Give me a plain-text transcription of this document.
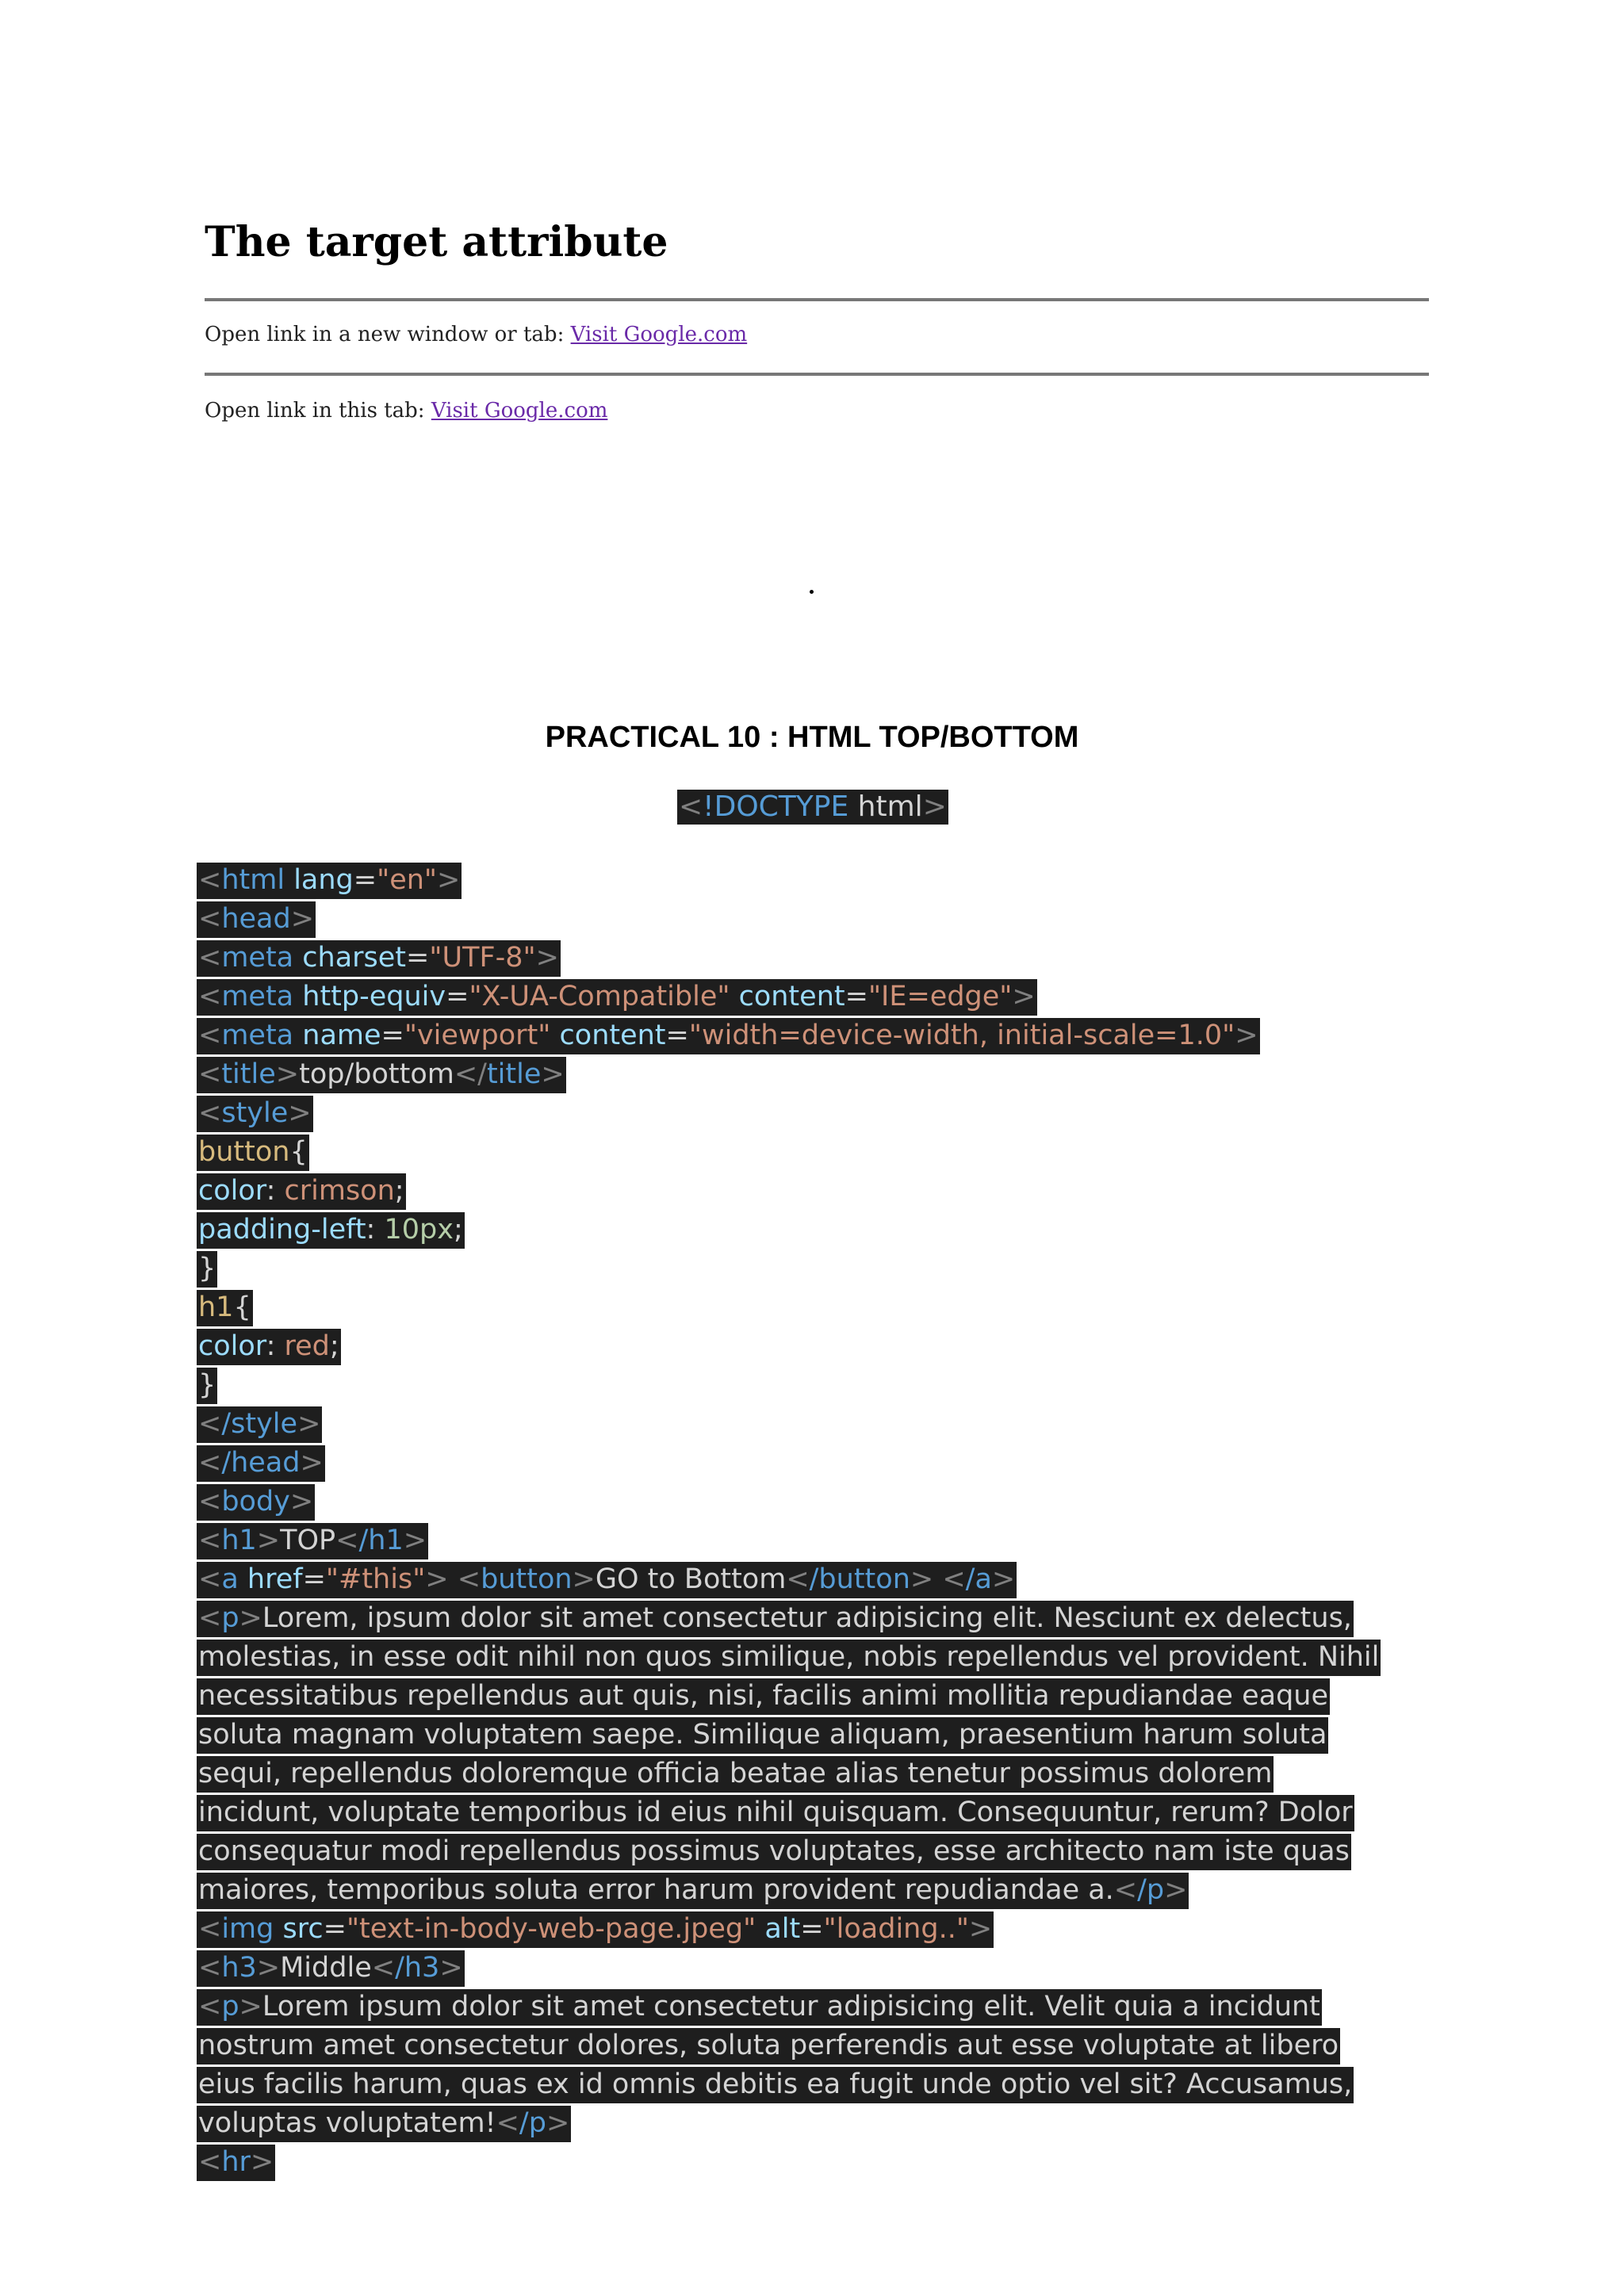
The target attribute

Open link in a new window or tab: Visit Google.com

Open link in this tab: Visit Google.com

PRACTICAL 10 : HTML TOP/BOTTOM
<!DOCTYPE html>
<html lang="en">
<head>
<meta charset="UTF-8">
<meta http-equiv="X-UA-Compatible" content="IE=edge">
<meta name="viewport" content="width=device-width, initial-scale=1.0">
<title>top/bottom</title>
<style>
button{
color: crimson;
padding-left: 10px;
}
h1{
color: red;
}
</style>
</head>
<body>
<h1>TOP</h1>
<a href="#this"> <button>GO to Bottom</button> </a>
<p>Lorem, ipsum dolor sit amet consectetur adipisicing elit. Nesciunt ex delectus,
molestias, in esse odit nihil non quos similique, nobis repellendus vel provident. Nihil
necessitatibus repellendus aut quis, nisi, facilis animi mollitia repudiandae eaque
soluta magnam voluptatem saepe. Similique aliquam, praesentium harum soluta
sequi, repellendus doloremque officia beatae alias tenetur possimus dolorem
incidunt, voluptate temporibus id eius nihil quisquam. Consequuntur, rerum? Dolor
consequatur modi repellendus possimus voluptates, esse architecto nam iste quas
maiores, temporibus soluta error harum provident repudiandae a.</p>
<img src="text-in-body-web-page.jpeg" alt="loading..">
<h3>Middle</h3>
<p>Lorem ipsum dolor sit amet consectetur adipisicing elit. Velit quia a incidunt
nostrum amet consectetur dolores, soluta perferendis aut esse voluptate at libero
eius facilis harum, quas ex id omnis debitis ea fugit unde optio vel sit? Accusamus,
voluptas voluptatem!</p>
<hr>
